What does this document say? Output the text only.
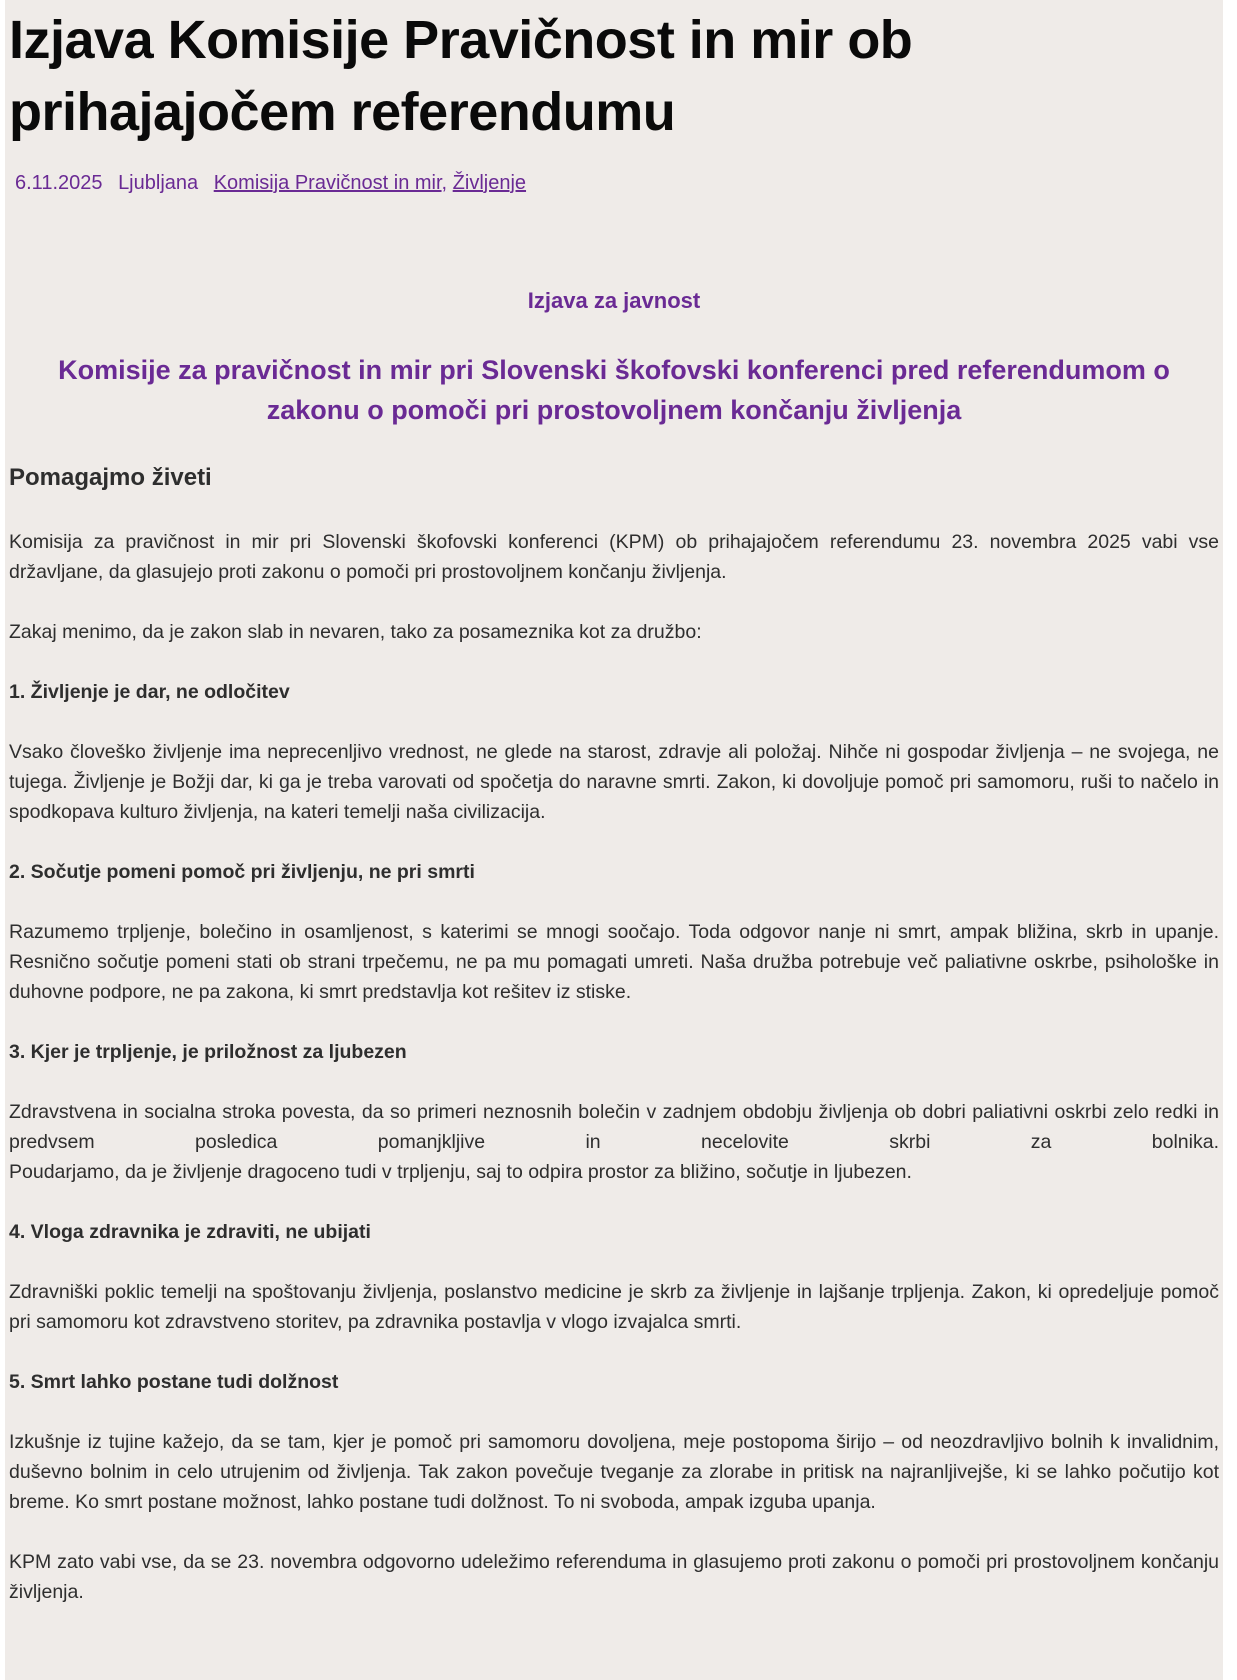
Izjava Komisije Pravičnost in mir ob prihajajočem referendumu
6.11.2025 Ljubljana Komisija Pravičnost in mir, Življenje
Izjava za javnost
Komisije za pravičnost in mir pri Slovenski škofovski konferenci pred referendumom o zakonu o pomoči pri prostovoljnem končanju življenja
Pomagajmo živeti

Komisija za pravičnost in mir pri Slovenski škofovski konferenci (KPM) ob prihajajočem referendumu 23. novembra 2025 vabi vse državljane, da glasujejo proti zakonu o pomoči pri prostovoljnem končanju življenja.

Zakaj menimo, da je zakon slab in nevaren, tako za posameznika kot za družbo:

1. Življenje je dar, ne odločitev

Vsako človeško življenje ima neprecenljivo vrednost, ne glede na starost, zdravje ali položaj. Nihče ni gospodar življenja – ne svojega, ne tujega. Življenje je Božji dar, ki ga je treba varovati od spočetja do naravne smrti. Zakon, ki dovoljuje pomoč pri samomoru, ruši to načelo in spodkopava kulturo življenja, na kateri temelji naša civilizacija.

2. Sočutje pomeni pomoč pri življenju, ne pri smrti

Razumemo trpljenje, bolečino in osamljenost, s katerimi se mnogi soočajo. Toda odgovor nanje ni smrt, ampak bližina, skrb in upanje. Resnično sočutje pomeni stati ob strani trpečemu, ne pa mu pomagati umreti. Naša družba potrebuje več paliativne oskrbe, psihološke in duhovne podpore, ne pa zakona, ki smrt predstavlja kot rešitev iz stiske.

3. Kjer je trpljenje, je priložnost za ljubezen

Zdravstvena in socialna stroka povesta, da so primeri neznosnih bolečin v zadnjem obdobju življenja ob dobri paliativni oskrbi zelo redki in predvsem posledica pomanjkljive in necelovite skrbi za bolnika.
Poudarjamo, da je življenje dragoceno tudi v trpljenju, saj to odpira prostor za bližino, sočutje in ljubezen.

4. Vloga zdravnika je zdraviti, ne ubijati

Zdravniški poklic temelji na spoštovanju življenja, poslanstvo medicine je skrb za življenje in lajšanje trpljenja. Zakon, ki opredeljuje pomoč pri samomoru kot zdravstveno storitev, pa zdravnika postavlja v vlogo izvajalca smrti.

5. Smrt lahko postane tudi dolžnost

Izkušnje iz tujine kažejo, da se tam, kjer je pomoč pri samomoru dovoljena, meje postopoma širijo – od neozdravljivo bolnih k invalidnim, duševno bolnim in celo utrujenim od življenja. Tak zakon povečuje tveganje za zlorabe in pritisk na najranljivejše, ki se lahko počutijo kot breme. Ko smrt postane možnost, lahko postane tudi dolžnost. To ni svoboda, ampak izguba upanja.

KPM zato vabi vse, da se 23. novembra odgovorno udeležimo referenduma in glasujemo proti zakonu o pomoči pri prostovoljnem končanju življenja.
